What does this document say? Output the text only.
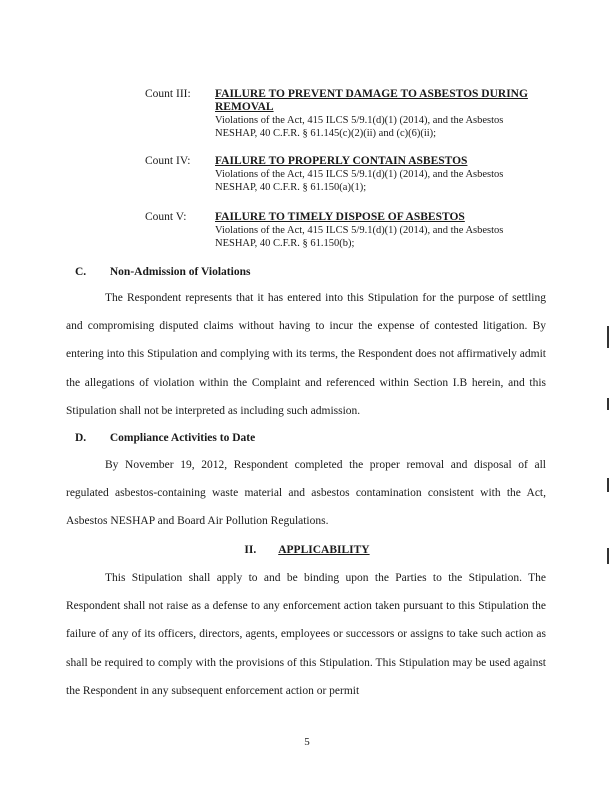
Count III:	FAILURE TO PREVENT DAMAGE TO ASBESTOS DURING REMOVAL
Violations of the Act, 415 ILCS 5/9.1(d)(1) (2014), and the Asbestos NESHAP, 40 C.F.R. § 61.145(c)(2)(ii) and (c)(6)(ii);
Count IV:	FAILURE TO PROPERLY CONTAIN ASBESTOS
Violations of the Act, 415 ILCS 5/9.1(d)(1) (2014), and the Asbestos NESHAP, 40 C.F.R. § 61.150(a)(1);
Count V:	FAILURE TO TIMELY DISPOSE OF ASBESTOS
Violations of the Act, 415 ILCS 5/9.1(d)(1) (2014), and the Asbestos NESHAP, 40 C.F.R. § 61.150(b);
C. Non-Admission of Violations

The Respondent represents that it has entered into this Stipulation for the purpose of settling and compromising disputed claims without having to incur the expense of contested litigation. By entering into this Stipulation and complying with its terms, the Respondent does not affirmatively admit the allegations of violation within the Complaint and referenced within Section I.B herein, and this Stipulation shall not be interpreted as including such admission.

D. Compliance Activities to Date

By November 19, 2012, Respondent completed the proper removal and disposal of all regulated asbestos-containing waste material and asbestos contamination consistent with the Act, Asbestos NESHAP and Board Air Pollution Regulations.

II. APPLICABILITY

This Stipulation shall apply to and be binding upon the Parties to the Stipulation. The Respondent shall not raise as a defense to any enforcement action taken pursuant to this Stipulation the failure of any of its officers, directors, agents, employees or successors or assigns to take such action as shall be required to comply with the provisions of this Stipulation. This Stipulation may be used against the Respondent in any subsequent enforcement action or permit

5
